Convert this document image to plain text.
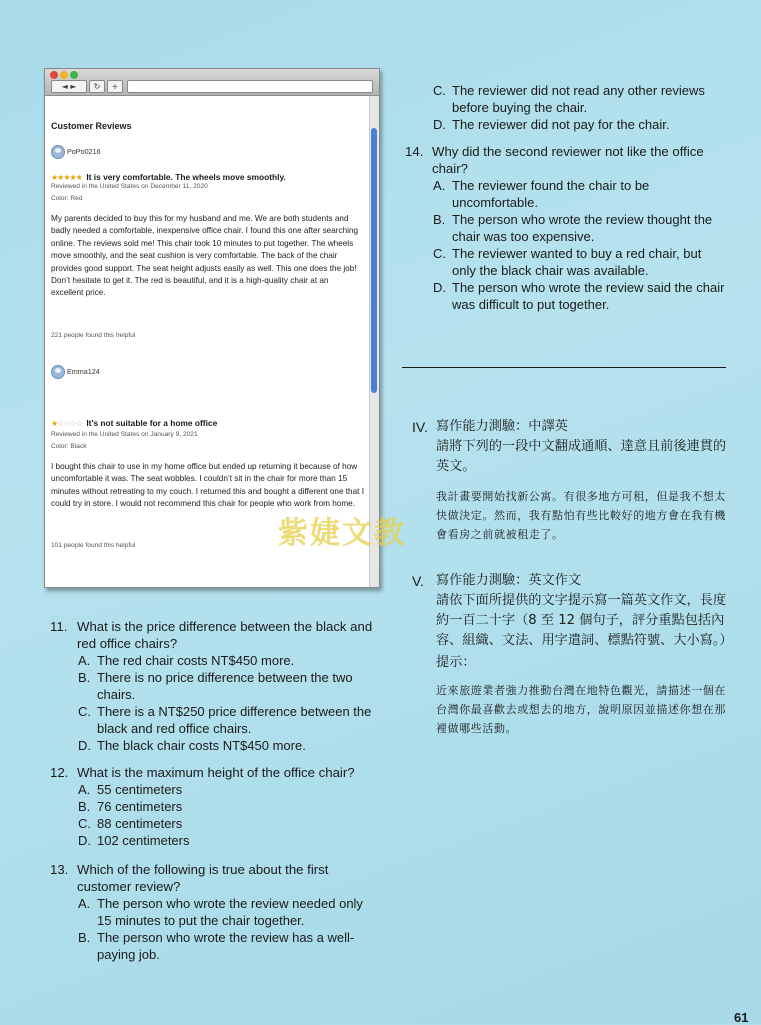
◄ ►	↻	+
Customer Reviews
PoPo0216
★★★★★ It is very comfortable. The wheels move smoothly.
Reviewed in the United States on December 11, 2020
Color: Red
My parents decided to buy this for my husband and me. We are both students and badly needed a comfortable, inexpensive office chair. I found this one after searching online. The reviews sold me! This chair took 10 minutes to put together. The wheels move smoothly, and the seat cushion is very comfortable. The back of the chair provides good support. The seat height adjusts easily as well. This one does the job! Don’t hesitate to get it. The red is beautiful, and it is a high-quality chair at an excellent price.
221 people found this helpful
Emma124
★☆☆☆☆ It’s not suitable for a home office
Reviewed in the United States on January 9, 2021
Color: Black
I bought this chair to use in my home office but ended up returning it because of how uncomfortable it was. The seat wobbles. I couldn’t sit in the chair for more than 15 minutes without retreating to my couch. I returned this and bought a different one that I could try in store. I would not recommend this chair for people who work from home.
101 people found this helpful
11. What is the price difference between the black and red office chairs?
A. The red chair costs NT$450 more.
B. There is no price difference between the two chairs.
C. There is a NT$250 price difference between the black and red office chairs.
D. The black chair costs NT$450 more.
12. What is the maximum height of the office chair?
A. 55 centimeters
B. 76 centimeters
C. 88 centimeters
D. 102 centimeters
13. Which of the following is true about the first customer review?
A. The person who wrote the review needed only 15 minutes to put the chair together.
B. The person who wrote the review has a well-paying job.
C. The reviewer did not read any other reviews before buying the chair.
D. The reviewer did not pay for the chair.
14. Why did the second reviewer not like the office chair?
A. The reviewer found the chair to be uncomfortable.
B. The person who wrote the review thought the chair was too expensive.
C. The reviewer wanted to buy a red chair, but only the black chair was available.
D. The person who wrote the review said the chair was difficult to put together.
IV. 寫作能力測驗：中譯英
請將下列的一段中文翻成通順、達意且前後連貫的英文。
我計畫要開始找新公寓。有很多地方可租，但是我不想太快做決定。然而，我有點怕有些比較好的地方會在我有機會看房之前就被租走了。
V. 寫作能力測驗：英文作文
請依下面所提供的文字提示寫一篇英文作文，長度約一百二十字（8 至 12 個句子，評分重點包括內容、組織、文法、用字遣詞、標點符號、大小寫。）
提示：
近來旅遊業者強力推動台灣在地特色觀光，請描述一個在台灣你最喜歡去或想去的地方，說明原因並描述你想在那裡做哪些活動。
紫婕文教
61
